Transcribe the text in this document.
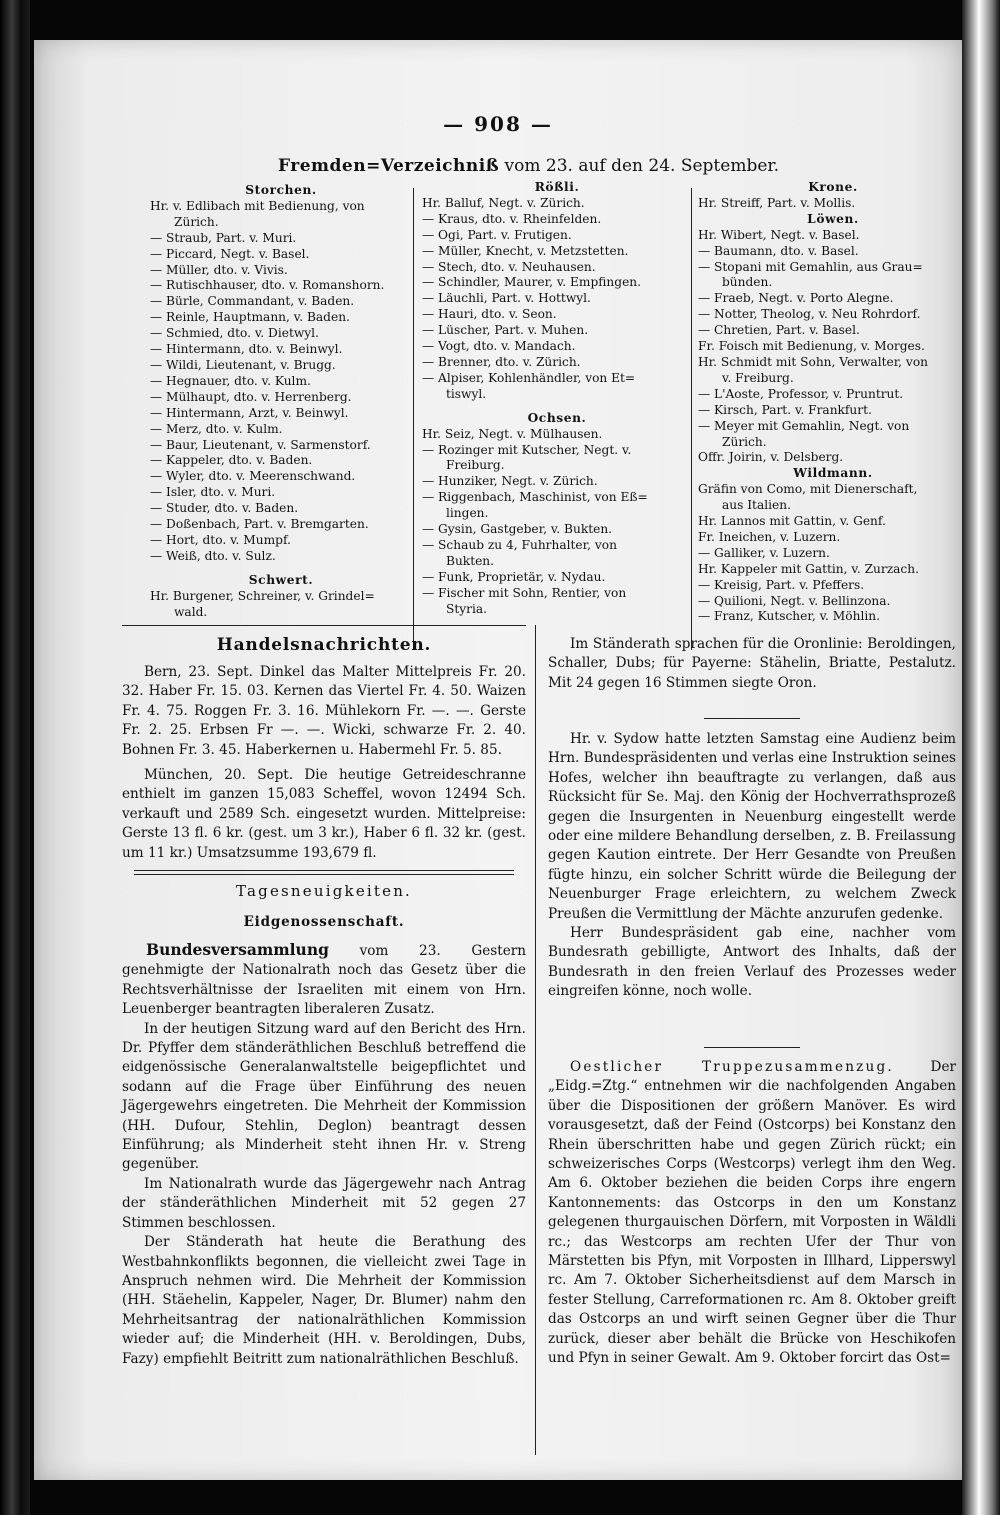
— 908 —
Fremden=Verzeichniß vom 23. auf den 24. September.
Storchen.
Hr. v. Edlibach mit Bedienung, von
Zürich.
— Straub, Part. v. Muri.
— Piccard, Negt. v. Basel.
— Müller, dto. v. Vivis.
— Rutischhauser, dto. v. Romanshorn.
— Bürle, Commandant, v. Baden.
— Reinle, Hauptmann, v. Baden.
— Schmied, dto. v. Dietwyl.
— Hintermann, dto. v. Beinwyl.
— Wildi, Lieutenant, v. Brugg.
— Hegnauer, dto. v. Kulm.
— Mülhaupt, dto. v. Herrenberg.
— Hintermann, Arzt, v. Beinwyl.
— Merz, dto. v. Kulm.
— Baur, Lieutenant, v. Sarmenstorf.
— Kappeler, dto. v. Baden.
— Wyler, dto. v. Meerenschwand.
— Isler, dto. v. Muri.
— Studer, dto. v. Baden.
— Doßenbach, Part. v. Bremgarten.
— Hort, dto. v. Mumpf.
— Weiß, dto. v. Sulz.
Schwert.
Hr. Burgener, Schreiner, v. Grindel=
wald.
Rößli.
Hr. Balluf, Negt. v. Zürich.
— Kraus, dto. v. Rheinfelden.
— Ogi, Part. v. Frutigen.
— Müller, Knecht, v. Metzstetten.
— Stech, dto. v. Neuhausen.
— Schindler, Maurer, v. Empfingen.
— Läuchli, Part. v. Hottwyl.
— Hauri, dto. v. Seon.
— Lüscher, Part. v. Muhen.
— Vogt, dto. v. Mandach.
— Brenner, dto. v. Zürich.
— Alpiser, Kohlenhändler, von Et=
tiswyl.
Ochsen.
Hr. Seiz, Negt. v. Mülhausen.
— Rozinger mit Kutscher, Negt. v.
Freiburg.
— Hunziker, Negt. v. Zürich.
— Riggenbach, Maschinist, von Eß=
lingen.
— Gysin, Gastgeber, v. Bukten.
— Schaub zu 4, Fuhrhalter, von
Bukten.
— Funk, Proprietär, v. Nydau.
— Fischer mit Sohn, Rentier, von
Styria.
Krone.
Hr. Streiff, Part. v. Mollis.
Löwen.
Hr. Wibert, Negt. v. Basel.
— Baumann, dto. v. Basel.
— Stopani mit Gemahlin, aus Grau=
bünden.
— Fraeb, Negt. v. Porto Alegne.
— Notter, Theolog, v. Neu Rohrdorf.
— Chretien, Part. v. Basel.
Fr. Foisch mit Bedienung, v. Morges.
Hr. Schmidt mit Sohn, Verwalter, von
v. Freiburg.
— L'Aoste, Professor, v. Pruntrut.
— Kirsch, Part. v. Frankfurt.
— Meyer mit Gemahlin, Negt. von
Zürich.
Offr. Joirin, v. Delsberg.
Wildmann.
Gräfin von Como, mit Dienerschaft,
aus Italien.
Hr. Lannos mit Gattin, v. Genf.
Fr. Ineichen, v. Luzern.
— Galliker, v. Luzern.
Hr. Kappeler mit Gattin, v. Zurzach.
— Kreisig, Part. v. Pfeffers.
— Quilioni, Negt. v. Bellinzona.
— Franz, Kutscher, v. Möhlin.
Handelsnachrichten.

Bern, 23. Sept. Dinkel das Malter Mittelpreis Fr. 20. 32. Haber Fr. 15. 03. Kernen das Viertel Fr. 4. 50. Waizen Fr. 4. 75. Roggen Fr. 3. 16. Mühlekorn Fr. —. —. Gerste Fr. 2. 25. Erbsen Fr —. —. Wicki, schwarze Fr. 2. 40. Bohnen Fr. 3. 45. Haberkernen u. Habermehl Fr. 5. 85.

München, 20. Sept. Die heutige Getreideschranne enthielt im ganzen 15,083 Scheffel, wovon 12494 Sch. verkauft und 2589 Sch. eingesetzt wurden. Mittelpreise: Gerste 13 fl. 6 kr. (gest. um 3 kr.), Haber 6 fl. 32 kr. (gest. um 11 kr.) Umsatzsumme 193,679 fl.

Tagesneuigkeiten.
Eidgenossenschaft.

Bundesversammlung vom 23. Gestern genehmigte der Nationalrath noch das Gesetz über die Rechtsverhältnisse der Israeliten mit einem von Hrn. Leuenberger beantragten liberaleren Zusatz.

In der heutigen Sitzung ward auf den Bericht des Hrn. Dr. Pfyffer dem ständeräthlichen Beschluß betreffend die eidgenössische Generalanwaltstelle beigepflichtet und sodann auf die Frage über Einführung des neuen Jägergewehrs eingetreten. Die Mehrheit der Kommission (HH. Dufour, Stehlin, Deglon) beantragt dessen Einführung; als Minderheit steht ihnen Hr. v. Streng gegenüber.

Im Nationalrath wurde das Jägergewehr nach Antrag der ständeräthlichen Minderheit mit 52 gegen 27 Stimmen beschlossen.

Der Ständerath hat heute die Berathung des Westbahnkonflikts begonnen, die vielleicht zwei Tage in Anspruch nehmen wird. Die Mehrheit der Kommission (HH. Stäehelin, Kappeler, Nager, Dr. Blumer) nahm den Mehrheitsantrag der nationalräthlichen Kommission wieder auf; die Minderheit (HH. v. Beroldingen, Dubs, Fazy) empfiehlt Beitritt zum nationalräthlichen Beschluß.

Im Ständerath sprachen für die Oronlinie: Beroldingen, Schaller, Dubs; für Payerne: Stähelin, Briatte, Pestalutz. Mit 24 gegen 16 Stimmen siegte Oron.

Hr. v. Sydow hatte letzten Samstag eine Audienz beim Hrn. Bundespräsidenten und verlas eine Instruktion seines Hofes, welcher ihn beauftragte zu verlangen, daß aus Rücksicht für Se. Maj. den König der Hochverrathsprozeß gegen die Insurgenten in Neuenburg eingestellt werde oder eine mildere Behandlung derselben, z. B. Freilassung gegen Kaution eintrete. Der Herr Gesandte von Preußen fügte hinzu, ein solcher Schritt würde die Beilegung der Neuenburger Frage erleichtern, zu welchem Zweck Preußen die Vermittlung der Mächte anzurufen gedenke.

Herr Bundespräsident gab eine, nachher vom Bundesrath gebilligte, Antwort des Inhalts, daß der Bundesrath in den freien Verlauf des Prozesses weder eingreifen könne, noch wolle.

Oestlicher Truppezusammenzug.	Der „Eidg.=Ztg.“ entnehmen wir die nachfolgenden Angaben über die Dispositionen der größern Manöver. Es wird vorausgesetzt, daß der Feind (Ostcorps) bei Konstanz den Rhein überschritten habe und gegen Zürich rückt; ein schweizerisches Corps (Westcorps) verlegt ihm den Weg. Am 6. Oktober beziehen die beiden Corps ihre engern Kantonnements: das Ostcorps in den um Konstanz gelegenen thurgauischen Dörfern, mit Vorposten in Wäldli rc.; das Westcorps am rechten Ufer der Thur von Märstetten bis Pfyn, mit Vorposten in Illhard, Lipperswyl rc. Am 7. Oktober Sicherheitsdienst auf dem Marsch in fester Stellung, Carreformationen rc. Am 8. Oktober greift das Ostcorps an und wirft seinen Gegner über die Thur zurück, dieser aber behält die Brücke von Heschikofen und Pfyn in seiner Gewalt. Am 9. Oktober forcirt das Ost=
